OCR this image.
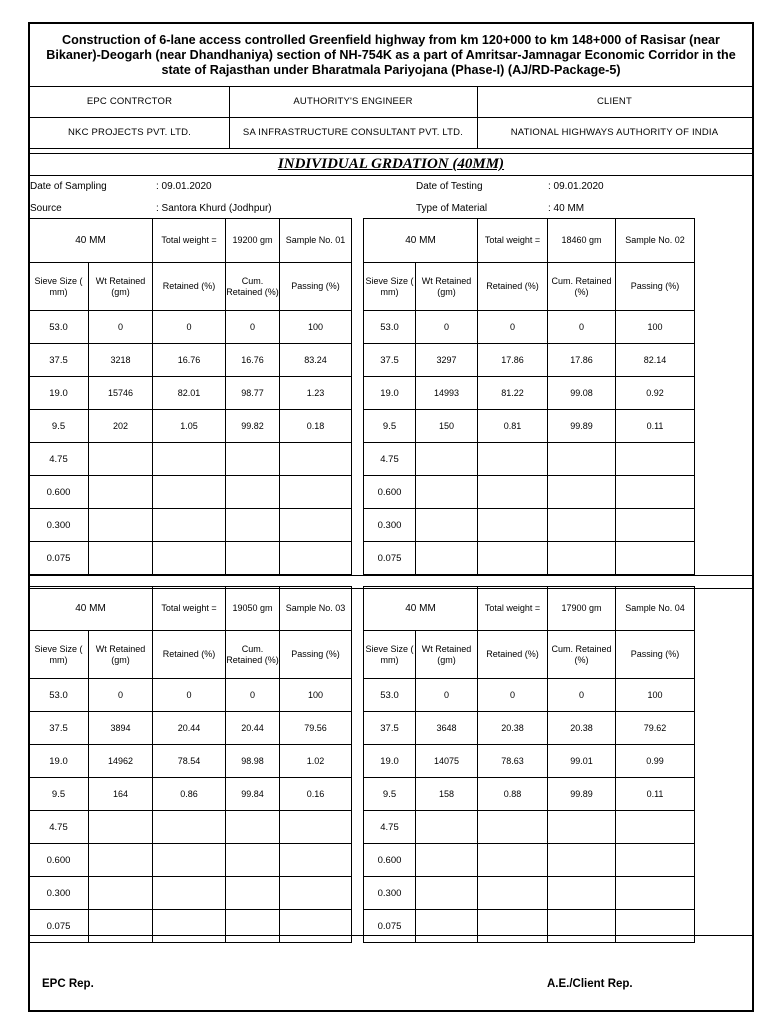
Construction of 6-lane access controlled Greenfield highway from km 120+000 to km 148+000 of Rasisar (near Bikaner)-Deogarh (near Dhandhaniya) section of NH-754K as a part of Amritsar-Jamnagar Economic Corridor in the state of Rajasthan under Bharatmala Pariyojana (Phase-I) (AJ/RD-Package-5)
EPC CONTRCTOR	AUTHORITY'S ENGINEER	CLIENT
NKC PROJECTS PVT. LTD.	SA INFRASTRUCTURE CONSULTANT PVT. LTD.	NATIONAL HIGHWAYS AUTHORITY OF INDIA
INDIVIDUAL GRDATION (40MM)
Date of Sampling	: 09.01.2020	Date of Testing	: 09.01.2020
Source	: Santora Khurd (Jodhpur)	Type of Material	: 40 MM
EPC Rep.	A.E./Client Rep.
40 MM		Total weight =	19200 gm	Sample No. 01
Sieve Size ( mm)	Wt Retained (gm)	Retained (%)	Cum. Retained (%)	Passing (%)
53.0	0	0	0	100
37.5	3218	16.76	16.76	83.24
19.0	15746	82.01	98.77	1.23
9.5	202	1.05	99.82	0.18
4.75				
0.600				
0.300				
0.075				
40 MM		Total weight =	18460 gm	Sample No. 02
Sieve Size ( mm)	Wt Retained (gm)	Retained (%)	Cum. Retained (%)	Passing (%)
53.0	0	0	0	100
37.5	3297	17.86	17.86	82.14
19.0	14993	81.22	99.08	0.92
9.5	150	0.81	99.89	0.11
4.75				
0.600				
0.300				
0.075				
40 MM		Total weight =	19050 gm	Sample No. 03
Sieve Size ( mm)	Wt Retained (gm)	Retained (%)	Cum. Retained (%)	Passing (%)
53.0	0	0	0	100
37.5	3894	20.44	20.44	79.56
19.0	14962	78.54	98.98	1.02
9.5	164	0.86	99.84	0.16
4.75				
0.600				
0.300				
0.075				
40 MM		Total weight =	17900 gm	Sample No. 04
Sieve Size ( mm)	Wt Retained (gm)	Retained (%)	Cum. Retained (%)	Passing (%)
53.0	0	0	0	100
37.5	3648	20.38	20.38	79.62
19.0	14075	78.63	99.01	0.99
9.5	158	0.88	99.89	0.11
4.75				
0.600				
0.300				
0.075				
